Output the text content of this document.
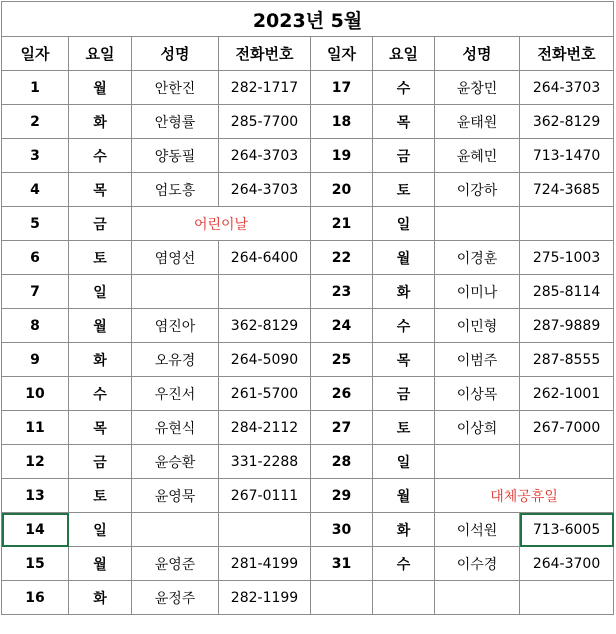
2023년 5월							
일자	요일	성명	전화번호	일자	요일	성명	전화번호
1	월	안한진	282-1717	17	수	윤창민	264-3703
2	화	안형률	285-7700	18	목	윤태원	362-8129
3	수	양동필	264-3703	19	금	윤혜민	713-1470
4	목	엄도흥	264-3703	20	토	이강하	724-3685
5	금	어린이날		21	일		
6	토	염영선	264-6400	22	월	이경훈	275-1003
7	일			23	화	이미나	285-8114
8	월	염진아	362-8129	24	수	이민형	287-9889
9	화	오유경	264-5090	25	목	이범주	287-8555
10	수	우진서	261-5700	26	금	이상목	262-1001
11	목	유현식	284-2112	27	토	이상희	267-7000
12	금	윤승환	331-2288	28	일		
13	토	윤영묵	267-0111	29	월	대체공휴일	
14	일			30	화	이석원	713-6005
15	월	윤영준	281-4199	31	수	이수경	264-3700
16	화	윤정주	282-1199				
